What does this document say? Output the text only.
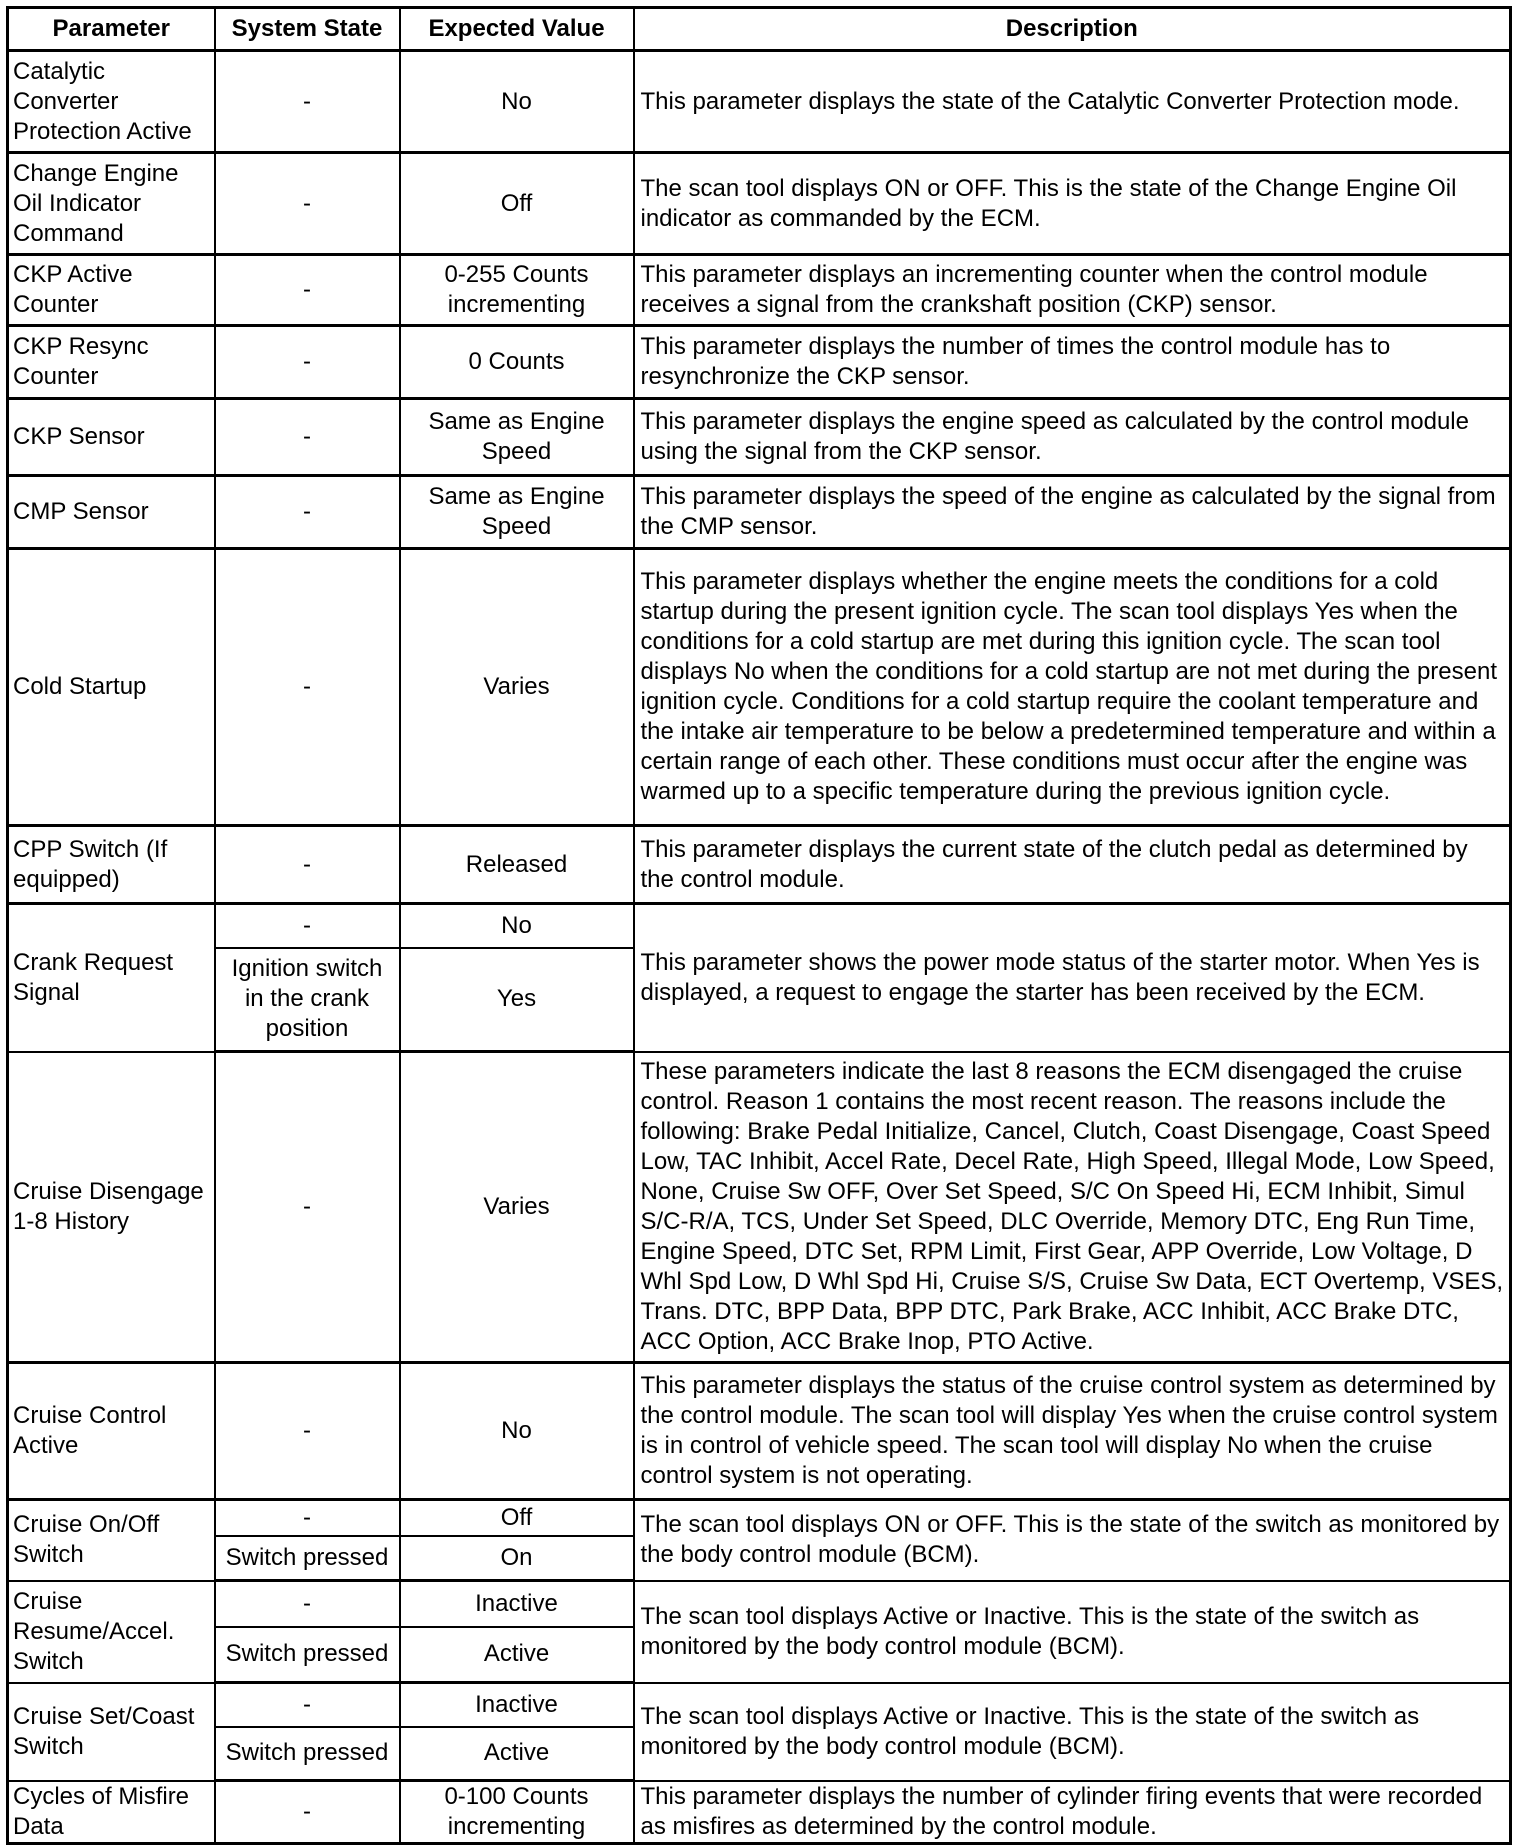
Parameter	System State	Expected Value	Description
Catalytic Converter Protection Active	-	No	This parameter displays the state of the Catalytic Converter Protection mode.
Change Engine Oil Indicator Command	-	Off	The scan tool displays ON or OFF. This is the state of the Change Engine Oil indicator as commanded by the ECM.
CKP Active Counter	-	0-255 Counts incrementing	This parameter displays an incrementing counter when the control module receives a signal from the crankshaft position (CKP) sensor.
CKP Resync Counter	-	0 Counts	This parameter displays the number of times the control module has to resynchronize the CKP sensor.
CKP Sensor	-	Same as Engine Speed	This parameter displays the engine speed as calculated by the control module using the signal from the CKP sensor.
CMP Sensor	-	Same as Engine Speed	This parameter displays the speed of the engine as calculated by the signal from the CMP sensor.
Cold Startup	-	Varies	This parameter displays whether the engine meets the conditions for a cold startup during the present ignition cycle. The scan tool displays Yes when the conditions for a cold startup are met during this ignition cycle. The scan tool displays No when the conditions for a cold startup are not met during the present ignition cycle. Conditions for a cold startup require the coolant temperature and the intake air temperature to be below a predetermined temperature and within a certain range of each other. These conditions must occur after the engine was warmed up to a specific temperature during the previous ignition cycle.
CPP Switch (If equipped)	-	Released	This parameter displays the current state of the clutch pedal as determined by the control module.
Crank Request Signal	-	No	This parameter shows the power mode status of the starter motor. When Yes is displayed, a request to engage the starter has been received by the ECM.
	Ignition switch in the crank position	Yes	
Cruise Disengage 1-8 History	-	Varies	These parameters indicate the last 8 reasons the ECM disengaged the cruise control. Reason 1 contains the most recent reason. The reasons include the following: Brake Pedal Initialize, Cancel, Clutch, Coast Disengage, Coast Speed Low, TAC Inhibit, Accel Rate, Decel Rate, High Speed, Illegal Mode, Low Speed, None, Cruise Sw OFF, Over Set Speed, S/C On Speed Hi, ECM Inhibit, Simul S/C-R/A, TCS, Under Set Speed, DLC Override, Memory DTC, Eng Run Time, Engine Speed, DTC Set, RPM Limit, First Gear, APP Override, Low Voltage, D Whl Spd Low, D Whl Spd Hi, Cruise S/S, Cruise Sw Data, ECT Overtemp, VSES, Trans. DTC, BPP Data, BPP DTC, Park Brake, ACC Inhibit, ACC Brake DTC, ACC Option, ACC Brake Inop, PTO Active.
Cruise Control Active	-	No	This parameter displays the status of the cruise control system as determined by the control module. The scan tool will display Yes when the cruise control system is in control of vehicle speed. The scan tool will display No when the cruise control system is not operating.
Cruise On/Off Switch	-	Off	The scan tool displays ON or OFF. This is the state of the switch as monitored by the body control module (BCM).
	Switch pressed	On	
Cruise Resume/Accel. Switch	-	Inactive	The scan tool displays Active or Inactive. This is the state of the switch as monitored by the body control module (BCM).
	Switch pressed	Active	
Cruise Set/Coast Switch	-	Inactive	The scan tool displays Active or Inactive. This is the state of the switch as monitored by the body control module (BCM).
	Switch pressed	Active	
Cycles of Misfire Data	-	0-100 Counts incrementing	This parameter displays the number of cylinder firing events that were recorded as misfires as determined by the control module.
